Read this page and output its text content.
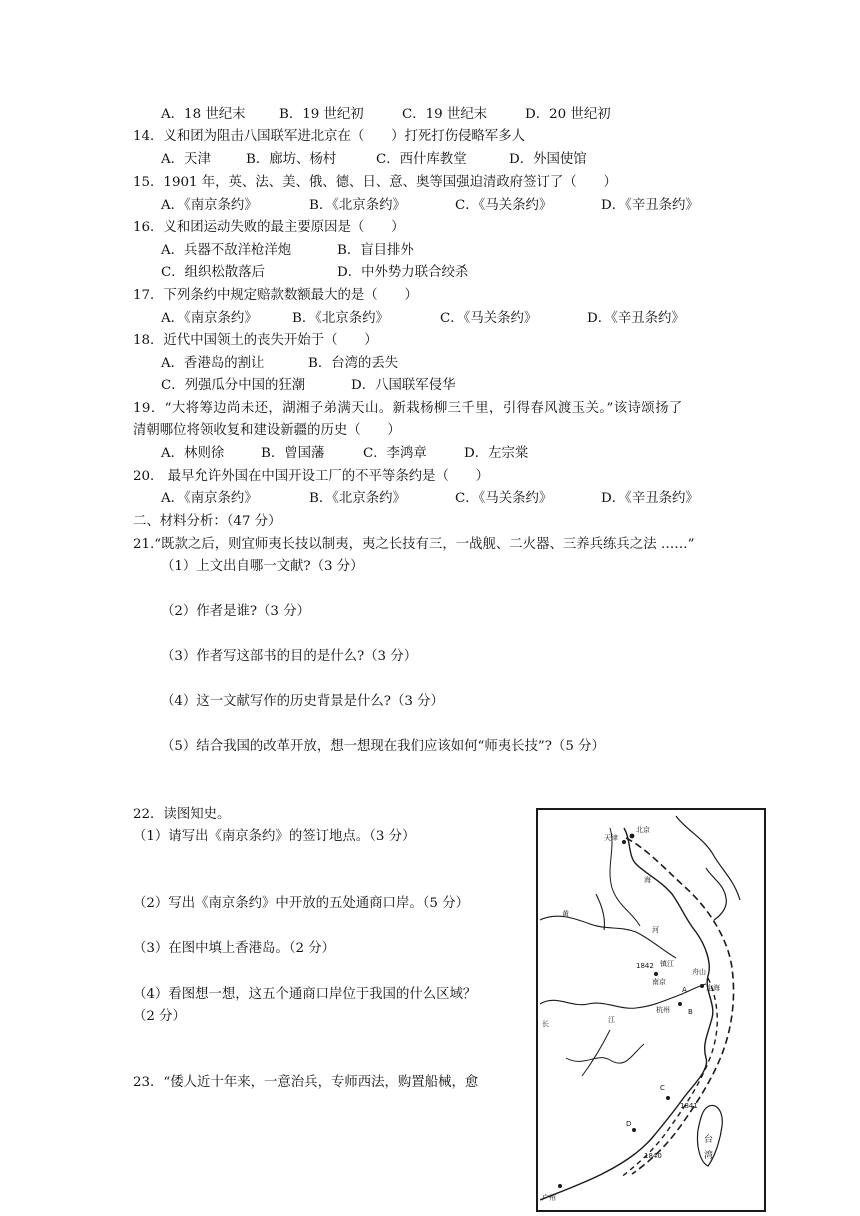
A．18 世纪末 B．19 世纪初	C．19 世纪末	D．20 世纪初
14．义和团为阻击八国联军进北京在（　　）打死打伤侵略军多人
A．天津	B．廊坊、杨村	C．西什库教堂	D．外国使馆
15．1901 年，英、法、美、俄、德、日、意、奥等国强迫清政府签订了（　　）
A．《南京条约》	B．《北京条约》	C．《马关条约》	D．《辛丑条约》
16．义和团运动失败的最主要原因是（　　）
A．兵器不敌洋枪洋炮	B．盲目排外
C．组织松散落后	D．中外势力联合绞杀
17．下列条约中规定赔款数额最大的是（　　）
A．《南京条约》	B．《北京条约》	C．《马关条约》	D．《辛丑条约》
18．近代中国领土的丧失开始于（　　）
A．香港岛的割让	B．台湾的丢失
C．列强瓜分中国的狂潮	D．八国联军侵华
19．“大将筹边尚未还，湖湘子弟满天山。新栽杨柳三千里，引得春风渡玉关。”该诗颂扬了
清朝哪位将领收复和建设新疆的历史（　　）
A．林则徐	B．曾国藩	C．李鸿章	D．左宗棠
20． 最早允许外国在中国开设工厂的不平等条约是（　　）
A．《南京条约》	B．《北京条约》	C．《马关条约》	D．《辛丑条约》
二、材料分析：（47 分）
21.“既款之后，则宜师夷长技以制夷，夷之长技有三，一战舰、二火器、三养兵练兵之法 ……”
（1）上文出自哪一文献?（3 分）
（2）作者是谁?（3 分）
（3）作者写这部书的目的是什么?（3 分）
（4）这一文献写作的历史背景是什么?（3 分）
（5）结合我国的改革开放，想一想现在我们应该如何“师夷长技”?（5 分）
22．读图知史。
（1）请写出《南京条约》的签订地点。（3 分）
（2）写出《南京条约》中开放的五处通商口岸。（5 分）
（3）在图中填上香港岛。（2 分）
（4）看图想一想，这五个通商口岸位于我国的什么区域？
（2 分）
23．“倭人近十年来，一意治兵，专师西法，购置船械，愈
北京
天津
海
黄
河
1842 镇江
南京
杭州
定海
舟山
长	江
A
B
C
D
1841
1840
台
湾
广州
